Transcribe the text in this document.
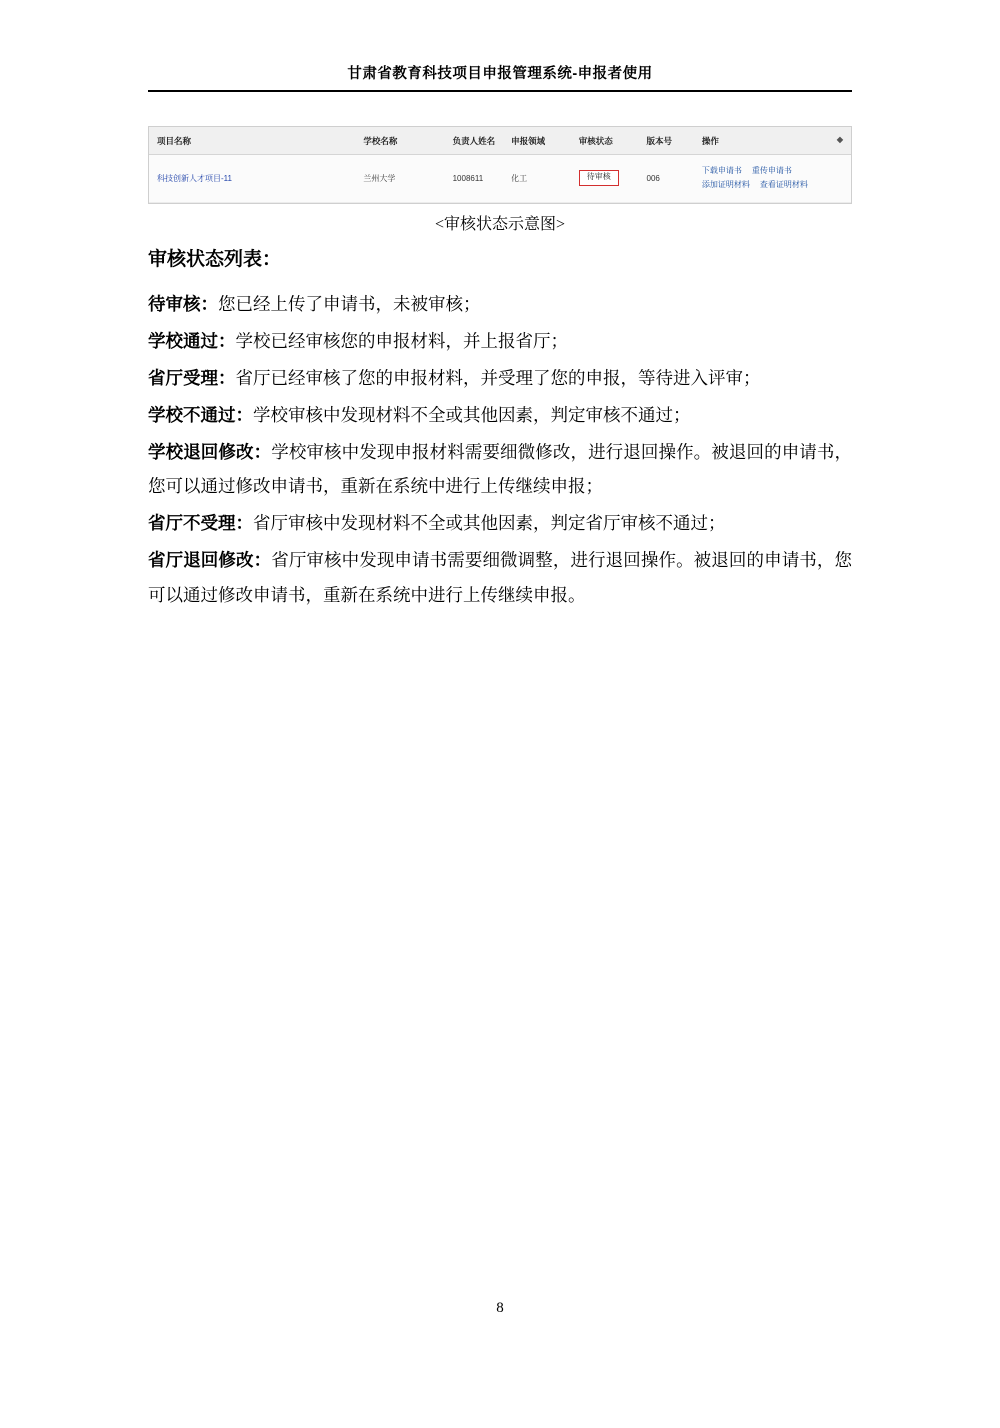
甘肃省教育科技项目申报管理系统-申报者使用
项目名称	学校名称	负责人姓名	申报领域	审核状态	版本号	操作 ◆

科技创新人才项目-11	兰州大学	1008611	化工	待审核	006	下载申请书 重传申请书
添加证明材料 查看证明材料
<审核状态示意图>
审核状态列表：

待审核：您已经上传了申请书，未被审核；

学校通过：学校已经审核您的申报材料，并上报省厅；

省厅受理：省厅已经审核了您的申报材料，并受理了您的申报，等待进入评审；

学校不通过：学校审核中发现材料不全或其他因素，判定审核不通过；

学校退回修改：学校审核中发现申报材料需要细微修改，进行退回操作。被退回的申请书，您可以通过修改申请书，重新在系统中进行上传继续申报；

省厅不受理：省厅审核中发现材料不全或其他因素，判定省厅审核不通过；

省厅退回修改：省厅审核中发现申请书需要细微调整，进行退回操作。被退回的申请书，您可以通过修改申请书，重新在系统中进行上传继续申报。

8
